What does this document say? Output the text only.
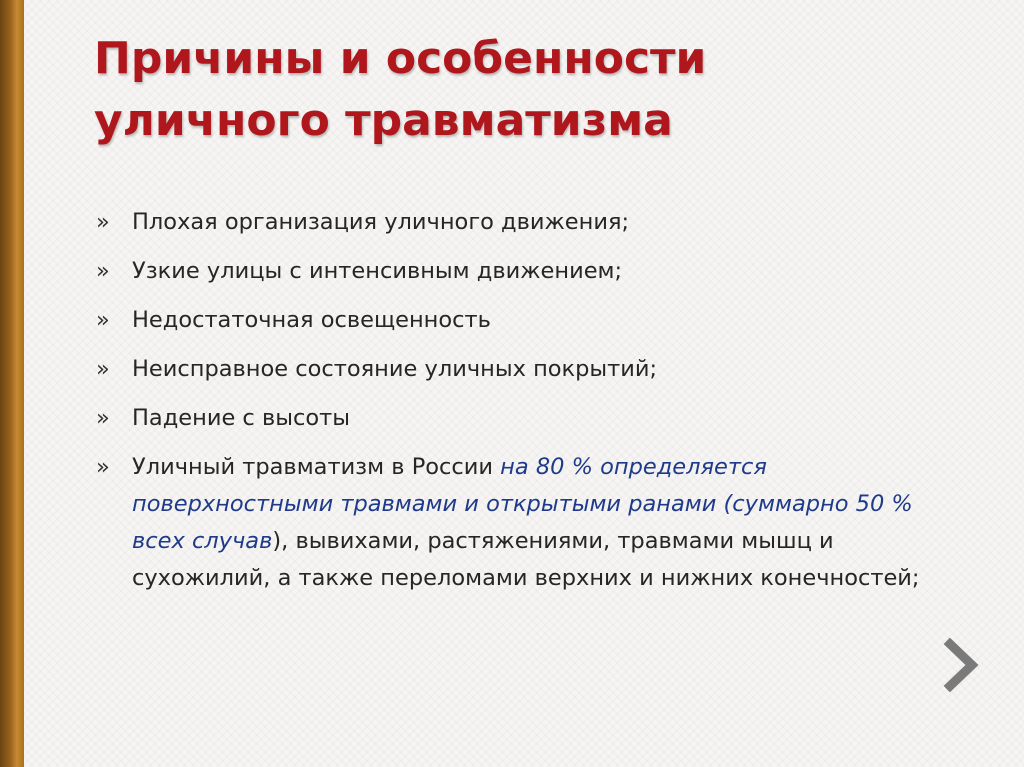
Причины и особенности
уличного травматизма
» Плохая организация уличного движения;
» Узкие улицы с интенсивным движением;
» Недостаточная освещенность
» Неисправное состояние уличных покрытий;
» Падение с высоты
» Уличный травматизм в России на 80 % определяется поверхностными травмами и открытыми ранами (суммарно 50 % всех случав), вывихами, растяжениями, травмами мышц и сухожилий, а также переломами верхних и нижних конечностей;
